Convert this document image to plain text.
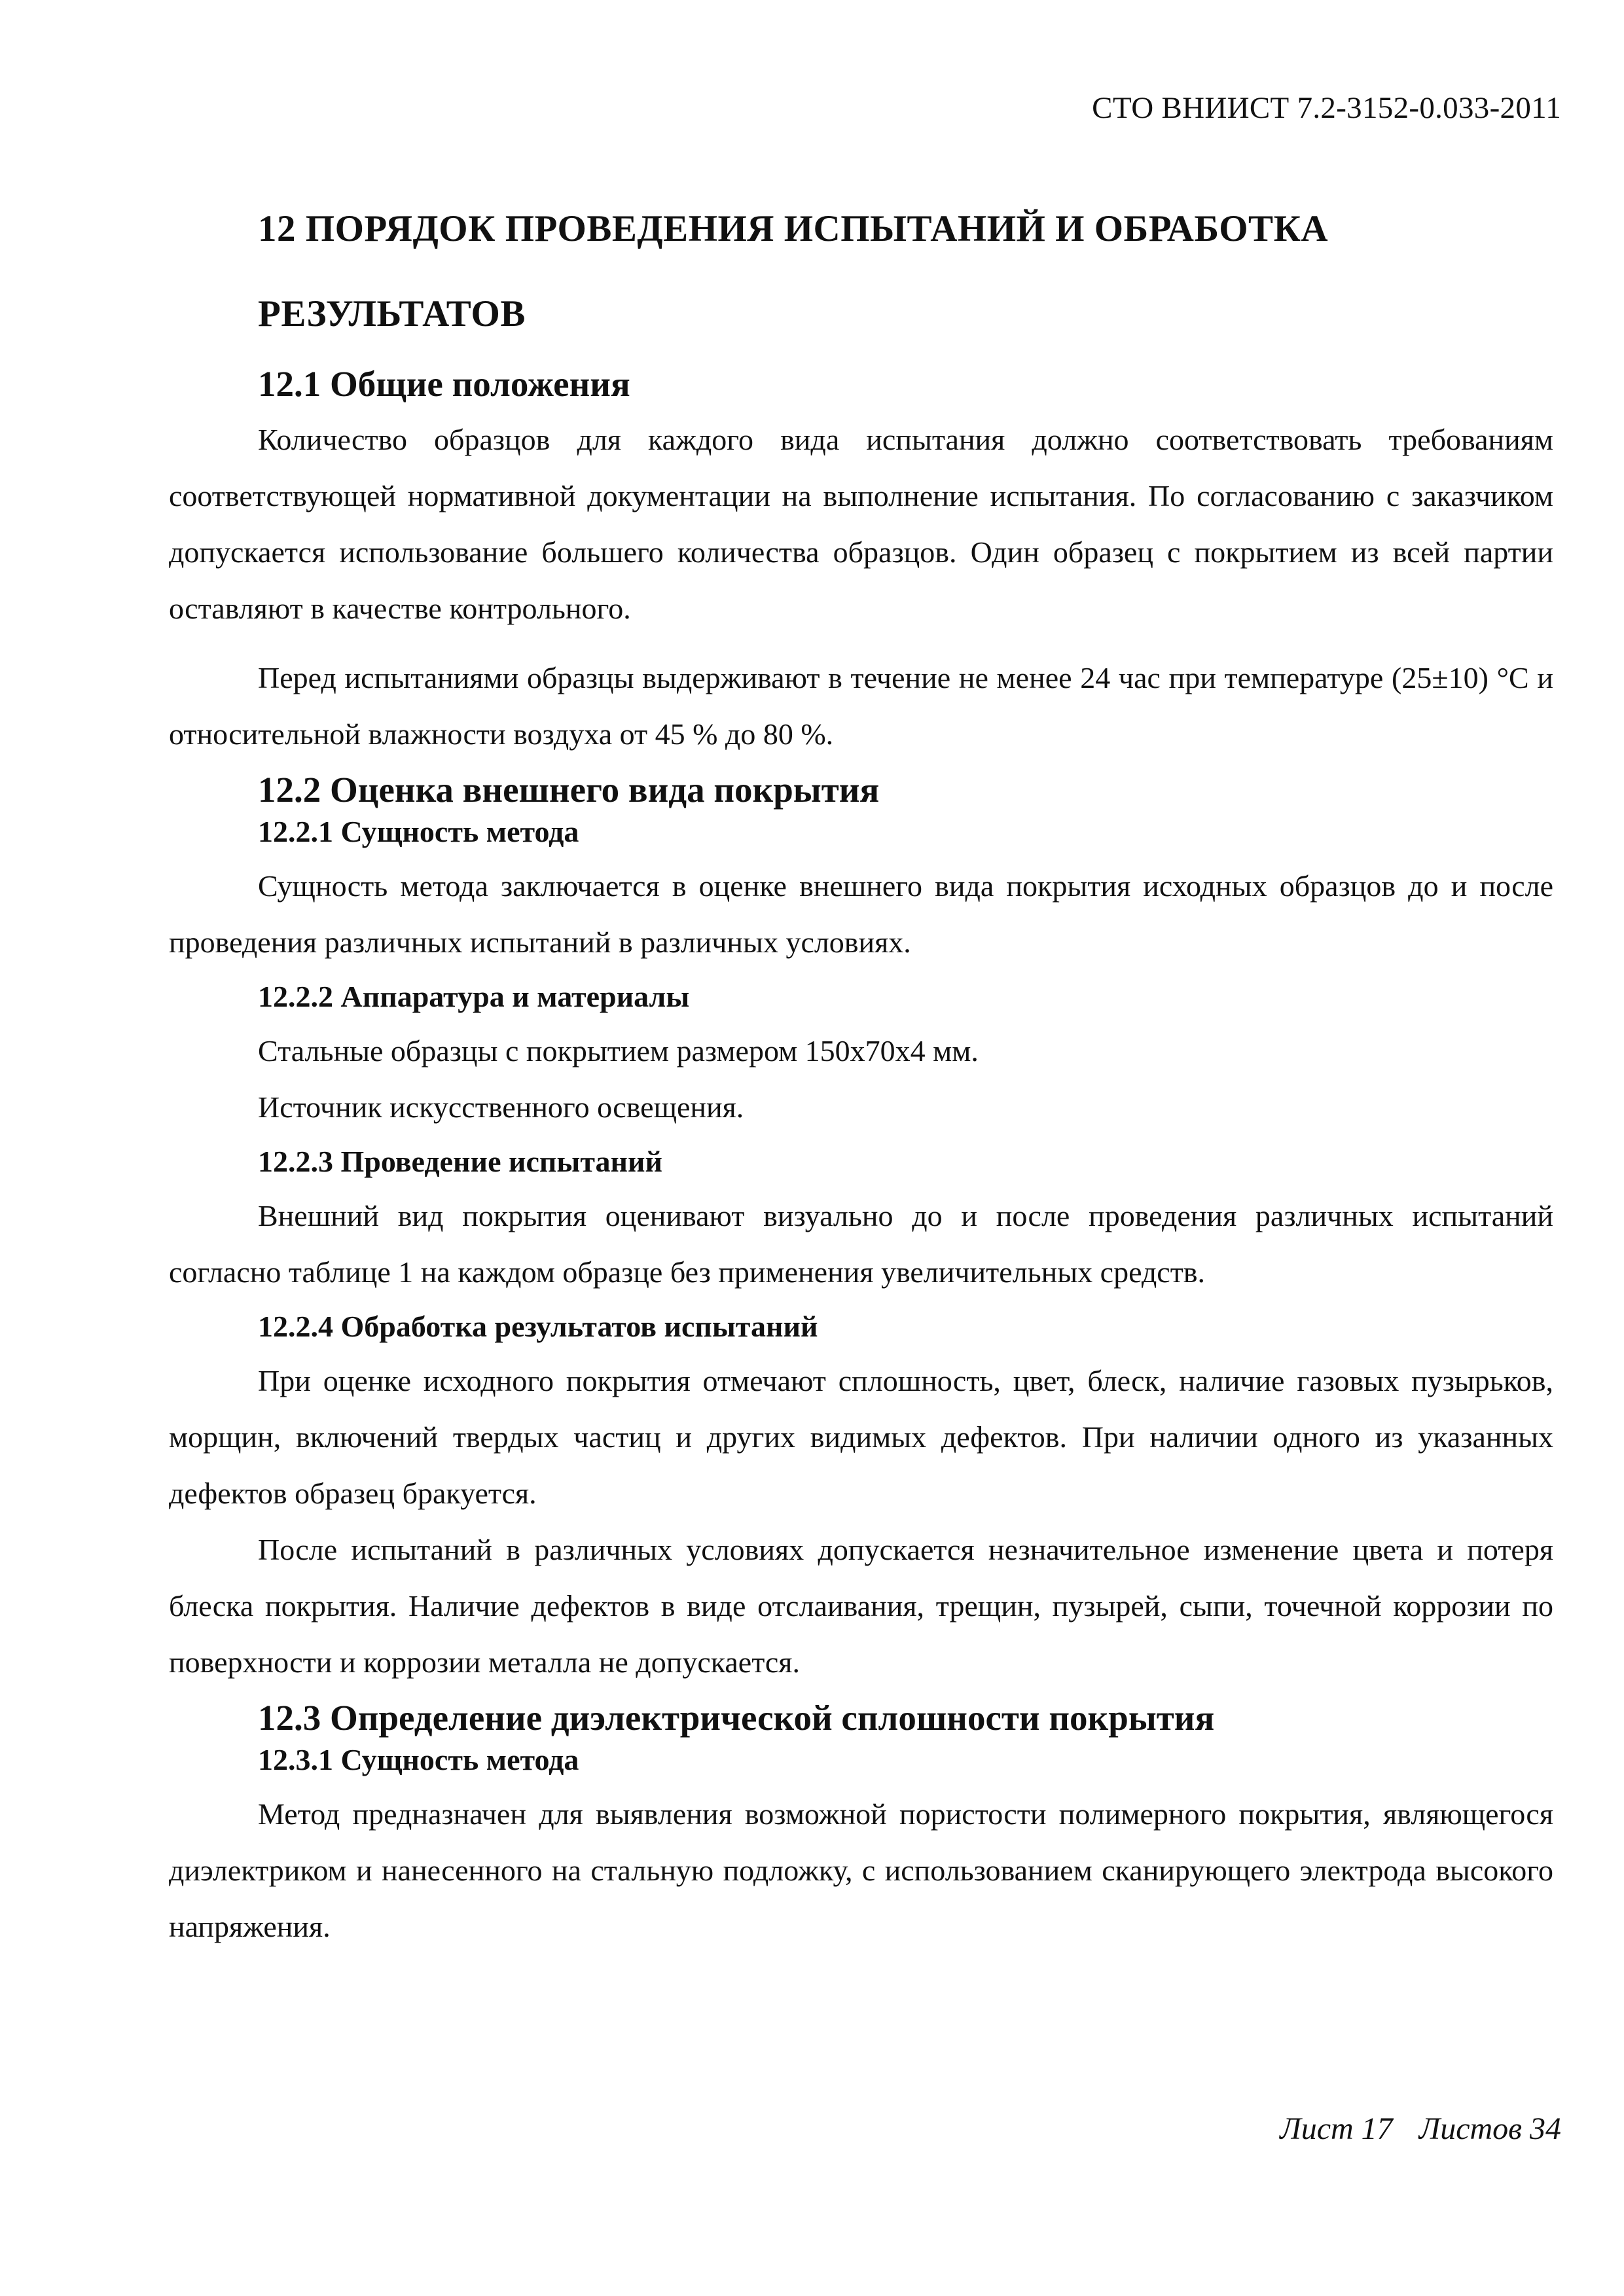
СТО ВНИИСТ 7.2-3152-0.033-2011
12 ПОРЯДОК ПРОВЕДЕНИЯ ИСПЫТАНИЙ И ОБРАБОТКА
РЕЗУЛЬТАТОВ
12.1 Общие положения

Количество образцов для каждого вида испытания должно соответствовать требованиям соответствующей нормативной документации на выполнение испытания. По согласованию с заказчиком допускается использование большего количества образцов. Один образец с покрытием из всей партии оставляют в качестве контрольного.

Перед испытаниями образцы выдерживают в течение не менее 24 час при температуре (25±10) °С и относительной влажности воздуха от 45 % до 80 %.

12.2 Оценка внешнего вида покрытия
12.2.1 Сущность метода

Сущность метода заключается в оценке внешнего вида покрытия исходных образцов до и после проведения различных испытаний в различных условиях.

12.2.2 Аппаратура и материалы

Стальные образцы с покрытием размером 150х70х4 мм.

Источник искусственного освещения.

12.2.3 Проведение испытаний

Внешний вид покрытия оценивают визуально до и после проведения различных испытаний согласно таблице 1 на каждом образце без применения увеличительных средств.

12.2.4 Обработка результатов испытаний

При оценке исходного покрытия отмечают сплошность, цвет, блеск, наличие газовых пузырьков, морщин, включений твердых частиц и других видимых дефектов. При наличии одного из указанных дефектов образец бракуется.

После испытаний в различных условиях допускается незначительное изменение цвета и потеря блеска покрытия. Наличие дефектов в виде отслаивания, трещин, пузырей, сыпи, точечной коррозии по поверхности и коррозии металла не допускается.

12.3 Определение диэлектрической сплошности покрытия
12.3.1 Сущность метода

Метод предназначен для выявления возможной пористости полимерного покрытия, являющегося диэлектриком и нанесенного на стальную подложку, с использованием сканирующего электрода высокого напряжения.

Лист 17 Листов 34
